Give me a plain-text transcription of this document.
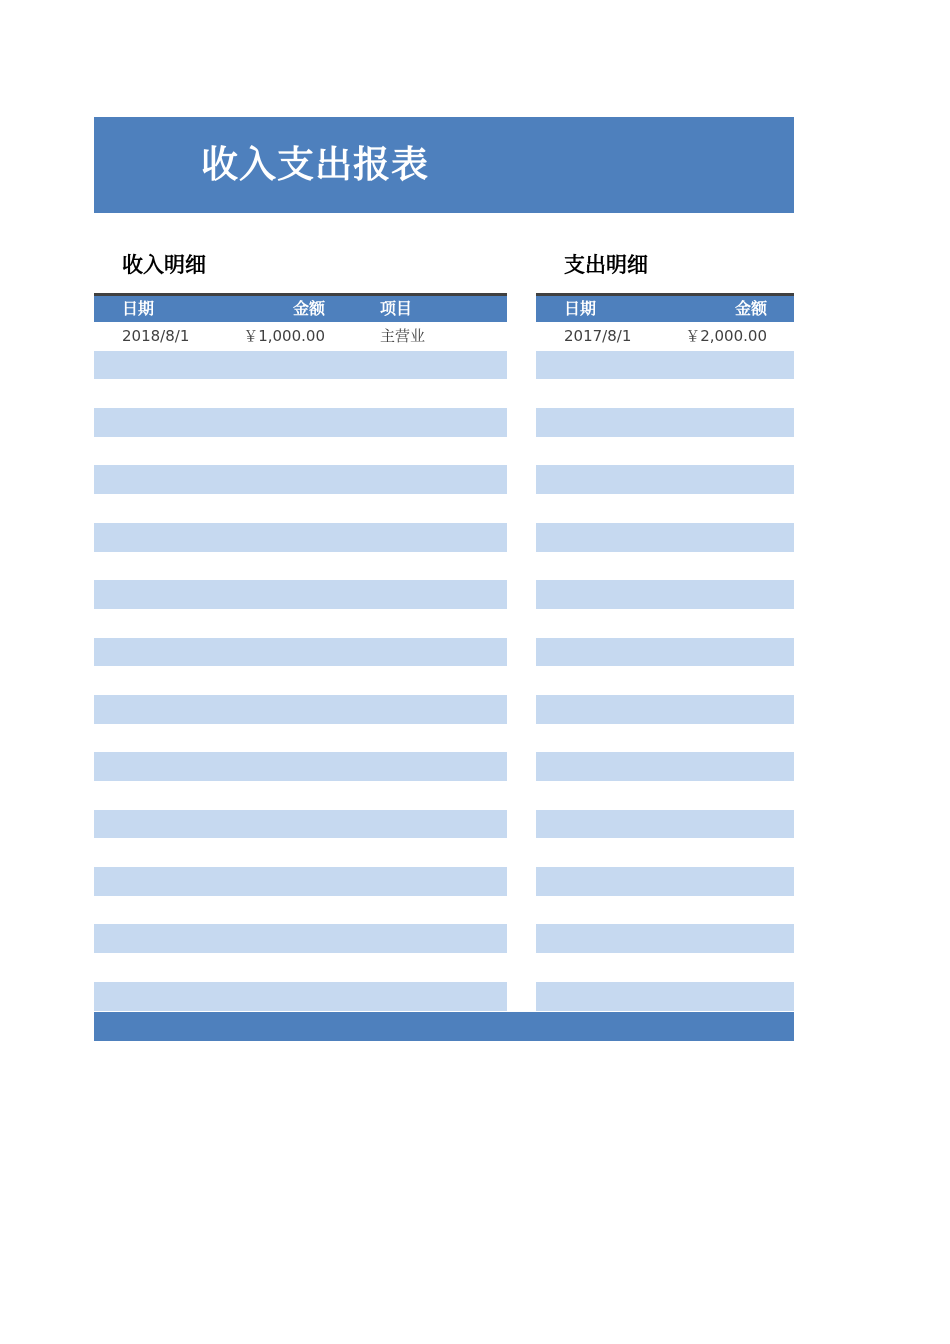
收入支出报表
收入明细	支出明细
日期	金额	项目
2018/8/1	￥1,000.00	主营业
日期	金额
2017/8/1	￥2,000.00
